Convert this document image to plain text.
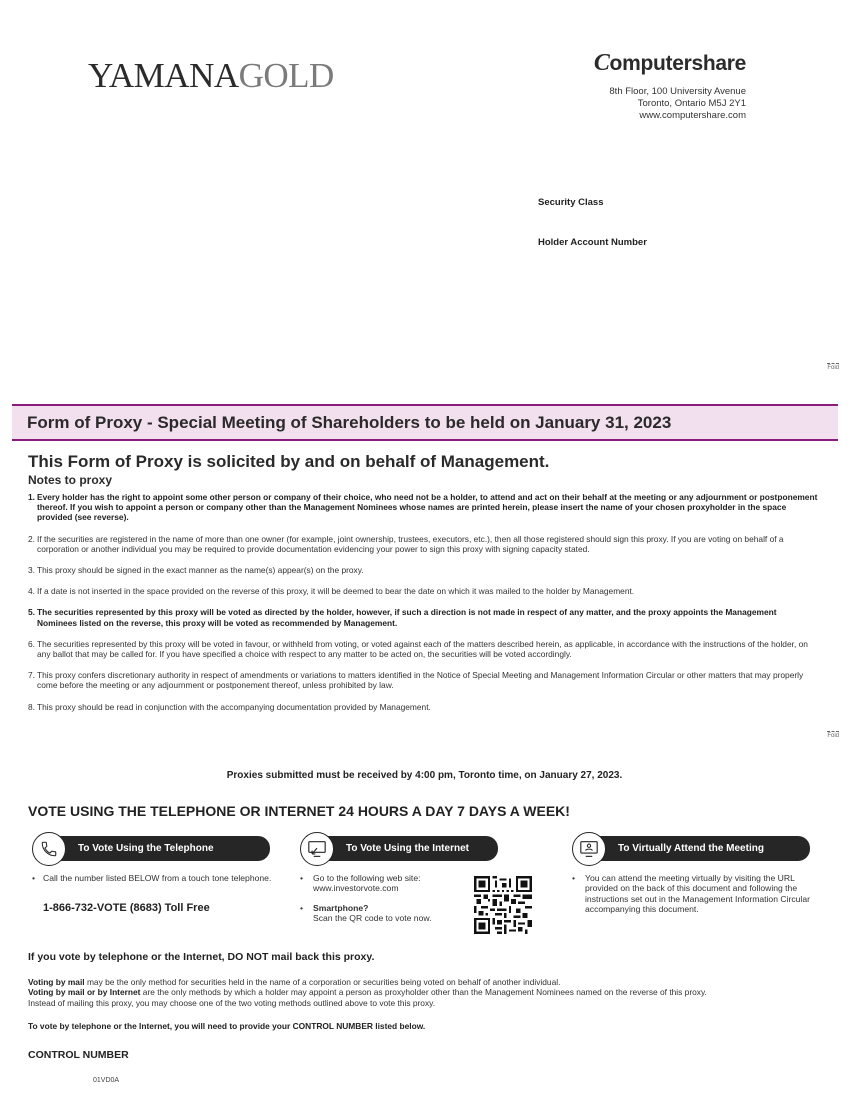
YAMANAGOLD	Computershare
8th Floor, 100 University Avenue
Toronto, Ontario M5J 2Y1
www.computershare.com
Security Class
Holder Account Number
Fold
Fold
Form of Proxy - Special Meeting of Shareholders to be held on January 31, 2023
This Form of Proxy is solicited by and on behalf of Management.
Notes to proxy
1. Every holder has the right to appoint some other person or company of their choice, who need not be a holder, to attend and act on their behalf at the meeting or any adjournment or postponement thereof. If you wish to appoint a person or company other than the Management Nominees whose names are printed herein, please insert the name of your chosen proxyholder in the space provided (see reverse).
2. If the securities are registered in the name of more than one owner (for example, joint ownership, trustees, executors, etc.), then all those registered should sign this proxy. If you are voting on behalf of a corporation or another individual you may be required to provide documentation evidencing your power to sign this proxy with signing capacity stated.
3. This proxy should be signed in the exact manner as the name(s) appear(s) on the proxy.
4. If a date is not inserted in the space provided on the reverse of this proxy, it will be deemed to bear the date on which it was mailed to the holder by Management.
5. The securities represented by this proxy will be voted as directed by the holder, however, if such a direction is not made in respect of any matter, and the proxy appoints the Management Nominees listed on the reverse, this proxy will be voted as recommended by Management.
6. The securities represented by this proxy will be voted in favour, or withheld from voting, or voted against each of the matters described herein, as applicable, in accordance with the instructions of the holder, on any ballot that may be called for. If you have specified a choice with respect to any matter to be acted on, the securities will be voted accordingly.
7. This proxy confers discretionary authority in respect of amendments or variations to matters identified in the Notice of Special Meeting and Management Information Circular or other matters that may properly come before the meeting or any adjournment or postponement thereof, unless prohibited by law.
8. This proxy should be read in conjunction with the accompanying documentation provided by Management.
Proxies submitted must be received by 4:00 pm, Toronto time, on January 27, 2023.
VOTE USING THE TELEPHONE OR INTERNET 24 HOURS A DAY 7 DAYS A WEEK!
To Vote Using the Telephone
• Call the number listed BELOW from a touch tone telephone.
1-866-732-VOTE (8683) Toll Free
To Vote Using the Internet
• Go to the following web site: www.investorvote.com
• Smartphone?
Scan the QR code to vote now.
To Virtually Attend the Meeting
• You can attend the meeting virtually by visiting the URL provided on the back of this document and following the instructions set out in the Management Information Circular accompanying this document.
If you vote by telephone or the Internet, DO NOT mail back this proxy.
Voting by mail may be the only method for securities held in the name of a corporation or securities being voted on behalf of another individual.
Voting by mail or by Internet are the only methods by which a holder may appoint a person as proxyholder other than the Management Nominees named on the reverse of this proxy.
Instead of mailing this proxy, you may choose one of the two voting methods outlined above to vote this proxy.
To vote by telephone or the Internet, you will need to provide your CONTROL NUMBER listed below.
CONTROL NUMBER
01VD0A
